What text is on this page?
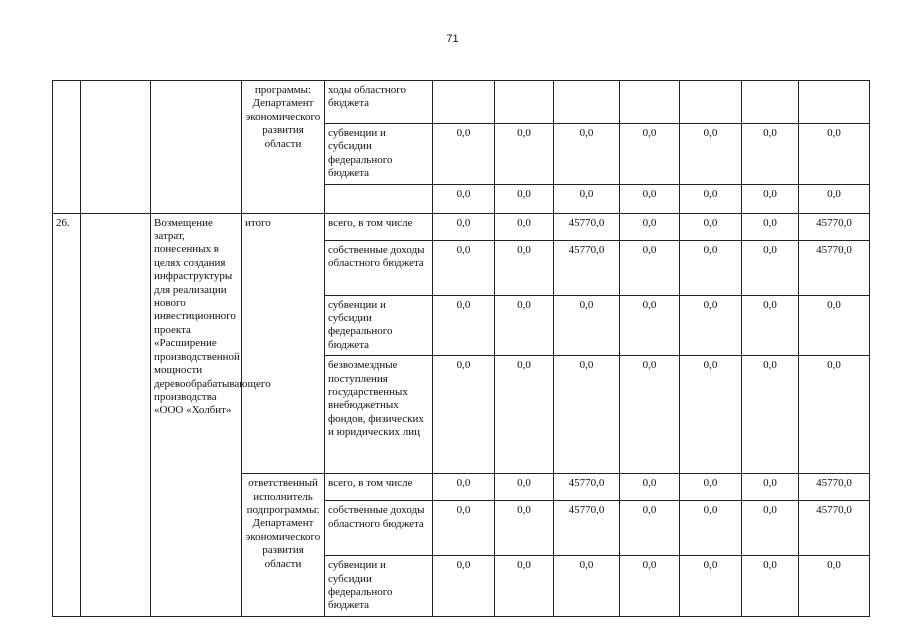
71
			программы: Департамент экономического развития области	ходы областного бюджета							
				субвенции и субсидии федерального бюджета	0,0	0,0	0,0	0,0	0,0	0,0	0,0
					0,0	0,0	0,0	0,0	0,0	0,0	0,0
26.		Возмещение затрат, понесенных в целях создания инфраструктуры для реализации нового инвестиционного проекта «Расширение производственной мощности деревообрабатывающего производства «ООО «Холбит»	итого	всего, в том числе	0,0	0,0	45770,0	0,0	0,0	0,0	45770,0
				собственные доходы областного бюджета	0,0	0,0	45770,0	0,0	0,0	0,0	45770,0
				субвенции и субсидии федерального бюджета	0,0	0,0	0,0	0,0	0,0	0,0	0,0
				безвозмездные поступления государственных внебюджетных фондов, физических и юридических лиц	0,0	0,0	0,0	0,0	0,0	0,0	0,0
			ответственный исполнитель подпрограммы: Департамент экономического развития области	всего, в том числе	0,0	0,0	45770,0	0,0	0,0	0,0	45770,0
				собственные доходы областного бюджета	0,0	0,0	45770,0	0,0	0,0	0,0	45770,0
				субвенции и субсидии федерального бюджета	0,0	0,0	0,0	0,0	0,0	0,0	0,0
